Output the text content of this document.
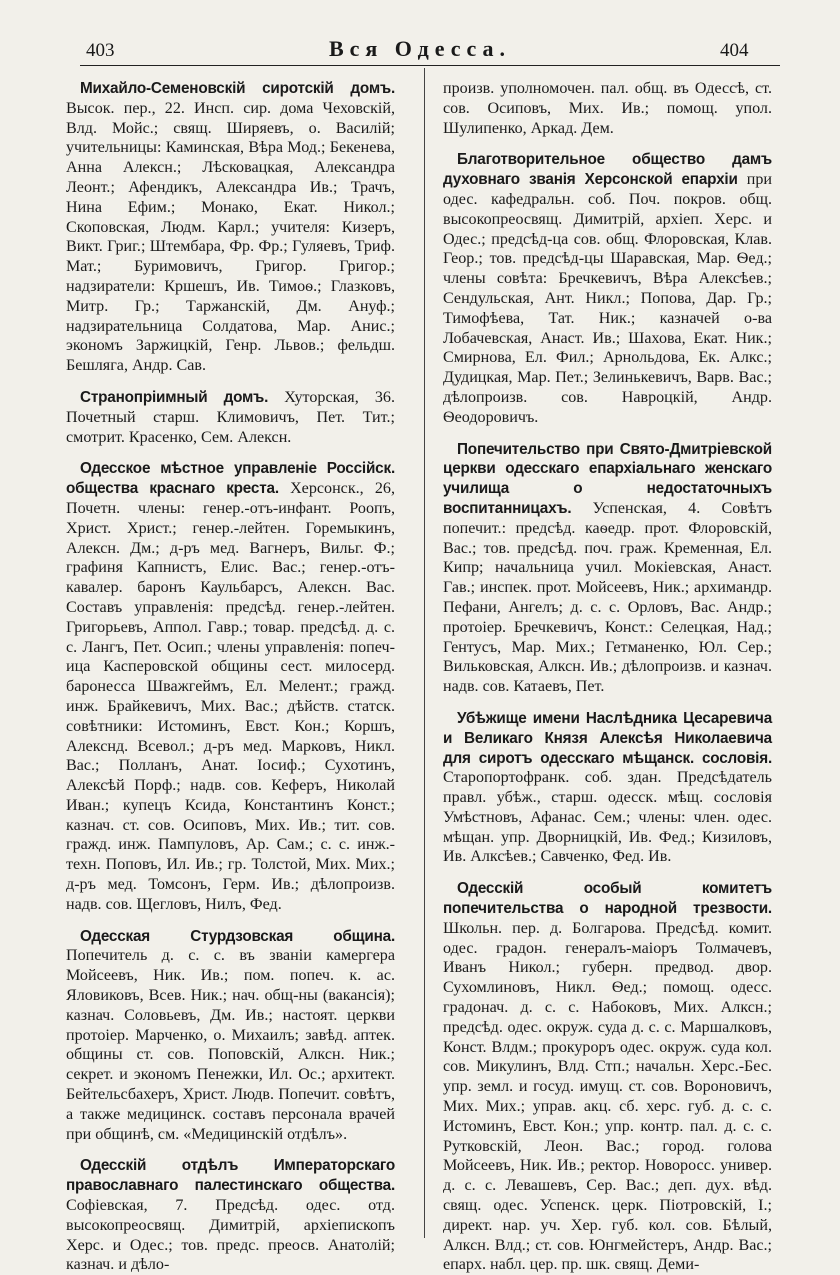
403	Вся Одесса.	404

Михайло-Семеновскій сиротскій домъ. Высок. пер., 22. Инсп. сир. дома Чеховскій, Влд. Мойс.; свящ. Ширяевъ, о. Василій; учительницы: Каминская, Вѣра Мод.; Бекенева, Анна Алексн.; Лѣсковацкая, Александра Леонт.; Афендикъ, Александра Ив.; Трачъ, Нина Ефим.; Монако, Екат. Никол.; Скоповская, Людм. Карл.; учителя: Кизеръ, Викт. Григ.; Штембара, Фр. Фр.; Гуляевъ, Триф. Мат.; Буримовичъ, Григор. Григор.; надзиратели: Кршешъ, Ив. Тимоѳ.; Глазковъ, Митр. Гр.; Тaржанскій, Дм. Ануф.; надзирательница Солдатова, Мар. Анис.; экономъ Заржицкій, Генр. Львов.; фельдш. Бешляга, Андр. Сав.

Странопріимный домъ. Хуторская, 36. Почетный старш. Климовичъ, Пет. Тит.; смотрит. Красенко, Сем. Алексн.

Одесское мѣстное управленіе Россійск. общества краснаго креста. Херсонск., 26, Почетн. члены: генер.-отъ-инфант. Роопъ, Христ. Христ.; генер.-лейтен. Горемыкинъ, Алексн. Дм.; д-ръ мед. Вагнеръ, Вильг. Ф.; графиня Капнистъ, Елис. Вас.; генер.-отъ-кавалер. баронъ Каульбарсъ, Алексн. Вас. Составъ управленія: предсѣд. генер.-лейтен. Григорьевъ, Аппол. Гавр.; товар. предсѣд. д. с. с. Лангъ, Пет. Осип.; члены управленія: попеч-ица Касперовской общины сест. милосерд. баронесса Шважгеймъ, Ел. Мелент.; гражд. инж. Брайкевичъ, Мих. Вас.; дѣйств. статск. совѣтники: Истоминъ, Евст. Кон.; Коршъ, Алекснд. Всевол.; д-ръ мед. Марковъ, Никл. Вас.; Полланъ, Анат. Іосиф.; Сухотинъ, Алексѣй Порф.; надв. сов. Кеферъ, Николай Иван.; купецъ Ксида, Константинъ Конст.; казнач. ст. сов. Осиповъ, Мих. Ив.; тит. сов. гражд. инж. Пампуловъ, Ар. Сам.; с. с. инж.-техн. Поповъ, Ил. Ив.; гр. Толстой, Мих. Мих.; д-ръ мед. Томсонъ, Герм. Ив.; дѣлопроизв. надв. сов. Щегловъ, Нилъ, Фед.

Одесская Стурдзовская община. Попечитель д. с. с. въ званіи камергера Мойсеевъ, Ник. Ив.; пом. попеч. к. ас. Яловиковъ, Всев. Ник.; нач. общ-ны (вакансія); казнач. Соловьевъ, Дм. Ив.; настоят. церкви протоіер. Марченко, о. Михаилъ; завѣд. аптек. общины ст. сов. Поповскій, Алксн. Ник.; секрет. и экономъ Пенежки, Ил. Ос.; архитект. Бейтельсбахеръ, Христ. Людв. Попечит. совѣтъ, а также медицинск. составъ персонала врачей при общинѣ, см. «Медицинскій отдѣлъ».

Одесскій отдѣлъ Императорскаго православнаго палестинскаго общества. Софіевская, 7. Предсѣд. одес. отд. высокопреосвящ. Димитрій, архіепископъ Херс. и Одес.; тов. предс. преосв. Анатолій; казнач. и дѣло-

произв. уполномочен. пал. общ. въ Одессѣ, ст. сов. Осиповъ, Мих. Ив.; помощ. упол. Шулипенко, Аркад. Дем.

Благотворительное общество дамъ духовнаго званія Херсонской епархіи при одес. кафедральн. соб. Поч. покров. общ. высокопреосвящ. Димитрій, архіеп. Херс. и Одес.; предсѣд-ца сов. общ. Флоровская, Клав. Геор.; тов. предсѣд-цы Шаравская, Мар. Ѳед.; члены совѣта: Бречкевичъ, Вѣра Алексѣев.; Сендульская, Ант. Никл.; Попова, Дар. Гр.; Тимофѣева, Тат. Ник.; казначей о-ва Лобачевская, Анаст. Ив.; Шахова, Екат. Ник.; Смирнова, Ел. Фил.; Арнольдова, Ек. Алкс.; Дудицкая, Мар. Пет.; Зелинькевичъ, Варв. Вас.; дѣлопроизв. сов. Навроцкій, Андр. Ѳеодоровичъ.

Попечительство при Свято-Дмитріевской церкви одесскаго епархіальнаго женскаго училища о недостаточныхъ воспитанницахъ. Успенская, 4. Совѣтъ попечит.: предсѣд. каѳедр. прот. Флоровскій, Вас.; тов. предсѣд. поч. граж. Кременная, Ел. Кипр; начальница учил. Мокіевская, Анаст. Гав.; инспек. прот. Мойсеевъ, Ник.; архимандр. Пефани, Ангелъ; д. с. с. Орловъ, Вас. Андр.; протоіер. Бречкевичъ, Конст.: Селецкая, Над.; Гентусъ, Мар. Мих.; Гетманенко, Юл. Сер.; Вильковская, Алксн. Ив.; дѣлопроизв. и казнач. надв. сов. Катаевъ, Пет.

Убѣжище имени Наслѣдника Цесаревича и Великаго Князя Алексѣя Николаевича для сиротъ одесскаго мѣщанск. сословія. Старопортофранк. соб. здан. Предсѣдатель правл. убѣж., старш. одесск. мѣщ. сословія Умѣстновъ, Афанас. Сем.; члены: член. одес. мѣщан. упр. Дворницкій, Ив. Фед.; Кизиловъ, Ив. Алксѣев.; Савченко, Фед. Ив.

Одесскій особый комитетъ попечительства о народной трезвости. Школьн. пер. д. Болгарова. Предсѣд. комит. одес. градон. генералъ-маіоръ Толмачевъ, Иванъ Никол.; губерн. предвод. двор. Сухомлиновъ, Никл. Ѳед.; помощ. одесс. градонач. д. с. с. Набоковъ, Мих. Алксн.; предсѣд. одес. окруж. суда д. с. с. Маршалковъ, Конст. Влдм.; прокуроръ одес. окруж. суда кол. сов. Микулинъ, Влд. Стп.; начальн. Херс.-Бес. упр. земл. и госуд. имущ. ст. сов. Вороновичъ, Мих. Мих.; управ. акц. сб. херс. губ. д. с. с. Истоминъ, Евст. Кон.; упр. контр. пал. д. с. с. Рутковскій, Леон. Вас.; город. голова Мойсеевъ, Ник. Ив.; ректор. Новоросс. универ. д. с. с. Левашевъ, Сер. Вас.; деп. дух. вѣд. свящ. одес. Успенск. церк. Піотровскій, І.; директ. нар. уч. Хер. губ. кол. сов. Бѣлый, Алксн. Влд.; ст. сов. Юнгмейстеръ, Андр. Вас.; епарх. набл. цер. пр. шк. свящ. Деми-
